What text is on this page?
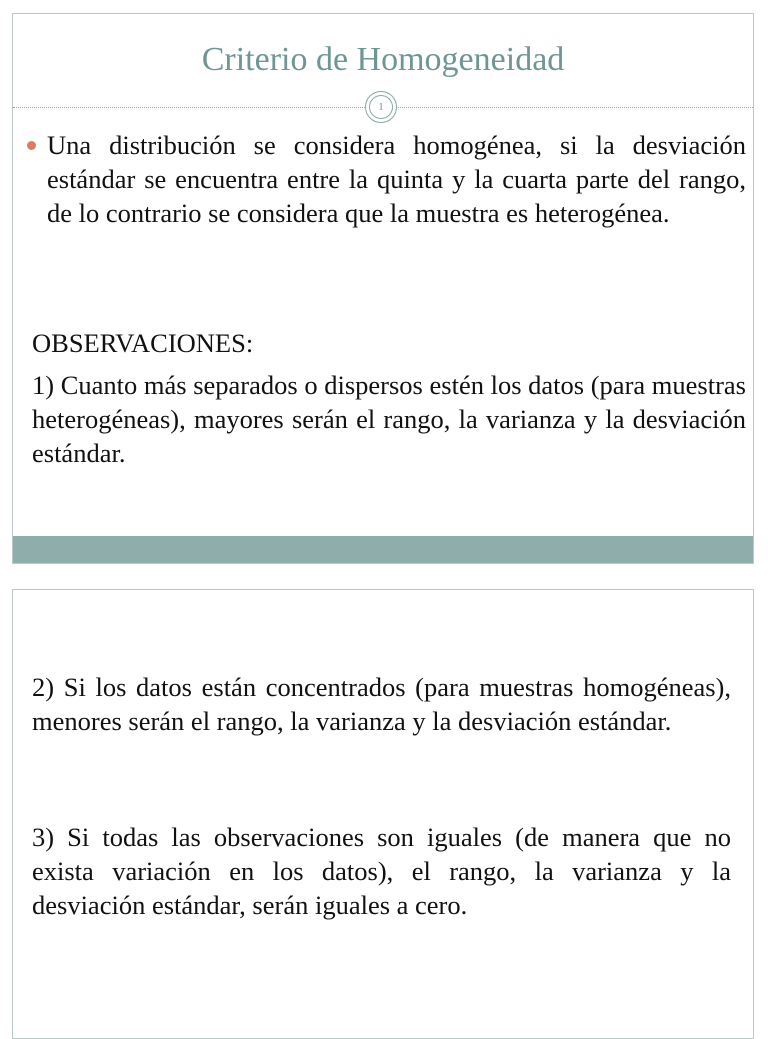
Criterio de Homogeneidad
1

Una distribución se considera homogénea, si la desviación estándar se encuentra entre la quinta y la cuarta parte del rango, de lo contrario se considera que la muestra es heterogénea.

OBSERVACIONES:

1) Cuanto más separados o dispersos estén los datos (para muestras heterogéneas), mayores serán el rango, la varianza y la desviación estándar.

2) Si los datos están concentrados (para muestras homogéneas), menores serán el rango, la varianza y la desviación estándar.

3) Si todas las observaciones son iguales (de manera que no exista variación en los datos), el rango, la varianza y la desviación estándar, serán iguales a cero.
